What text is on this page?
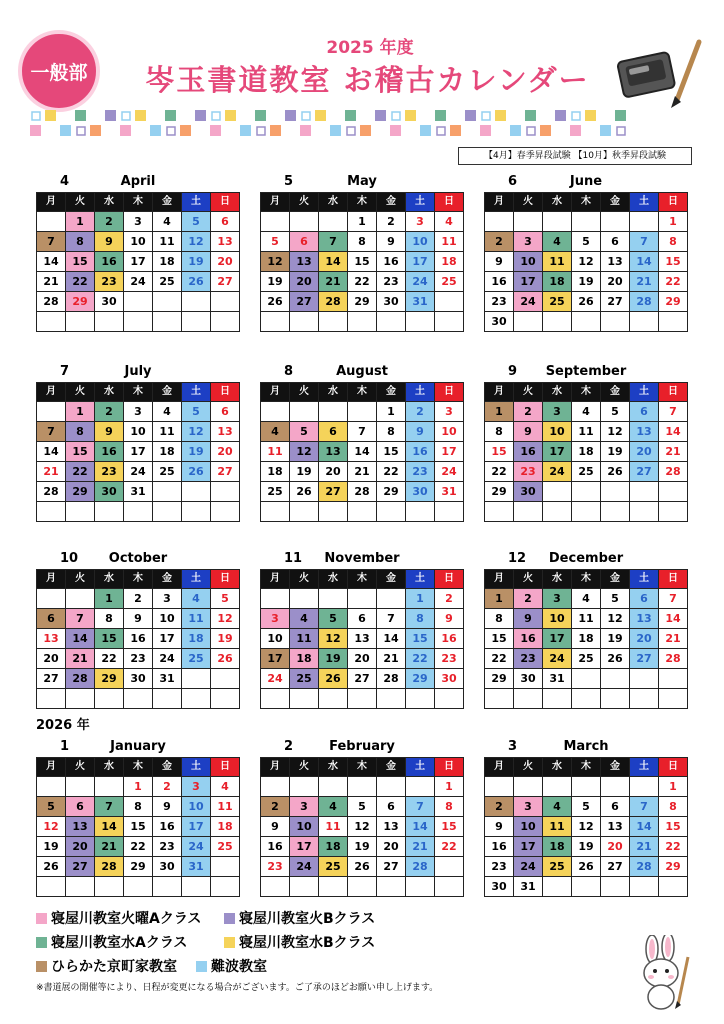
一般部
2025 年度
岑玉書道教室 お稽古カレンダー
【4月】春季昇段試験 【10月】秋季昇段試験
2026 年
4	April
月	火	水	木	金	土	日
	1	2	3	4	5	6
7	8	9	10	11	12	13
14	15	16	17	18	19	20
21	22	23	24	25	26	27
28	29	30				

5	May
月	火	水	木	金	土	日
			1	2	3	4
5	6	7	8	9	10	11
12	13	14	15	16	17	18
19	20	21	22	23	24	25
26	27	28	29	30	31	

6	June
月	火	水	木	金	土	日
						1
2	3	4	5	6	7	8
9	10	11	12	13	14	15
16	17	18	19	20	21	22
23	24	25	26	27	28	29
30						
7	July
月	火	水	木	金	土	日
	1	2	3	4	5	6
7	8	9	10	11	12	13
14	15	16	17	18	19	20
21	22	23	24	25	26	27
28	29	30	31			

8	August
月	火	水	木	金	土	日
				1	2	3
4	5	6	7	8	9	10
11	12	13	14	15	16	17
18	19	20	21	22	23	24
25	26	27	28	29	30	31

9	September
月	火	水	木	金	土	日
1	2	3	4	5	6	7
8	9	10	11	12	13	14
15	16	17	18	19	20	21
22	23	24	25	26	27	28
29	30					

10	October
月	火	水	木	金	土	日
		1	2	3	4	5
6	7	8	9	10	11	12
13	14	15	16	17	18	19
20	21	22	23	24	25	26
27	28	29	30	31		

11	November
月	火	水	木	金	土	日
					1	2
3	4	5	6	7	8	9
10	11	12	13	14	15	16
17	18	19	20	21	22	23
24	25	26	27	28	29	30

12	December
月	火	水	木	金	土	日
1	2	3	4	5	6	7
8	9	10	11	12	13	14
15	16	17	18	19	20	21
22	23	24	25	26	27	28
29	30	31				

1	January
月	火	水	木	金	土	日
			1	2	3	4
5	6	7	8	9	10	11
12	13	14	15	16	17	18
19	20	21	22	23	24	25
26	27	28	29	30	31	

2	February
月	火	水	木	金	土	日
						1
2	3	4	5	6	7	8
9	10	11	12	13	14	15
16	17	18	19	20	21	22
23	24	25	26	27	28	

3	March
月	火	水	木	金	土	日
						1
2	3	4	5	6	7	8
9	10	11	12	13	14	15
16	17	18	19	20	21	22
23	24	25	26	27	28	29
30	31					
寝屋川教室火曜Aクラス	寝屋川教室火Bクラス
寝屋川教室水Aクラス	寝屋川教室水Bクラス
ひらかた京町家教室 難波教室
※書道展の開催等により、日程が変更になる場合がございます。ご了承のほどお願い申し上げます。
